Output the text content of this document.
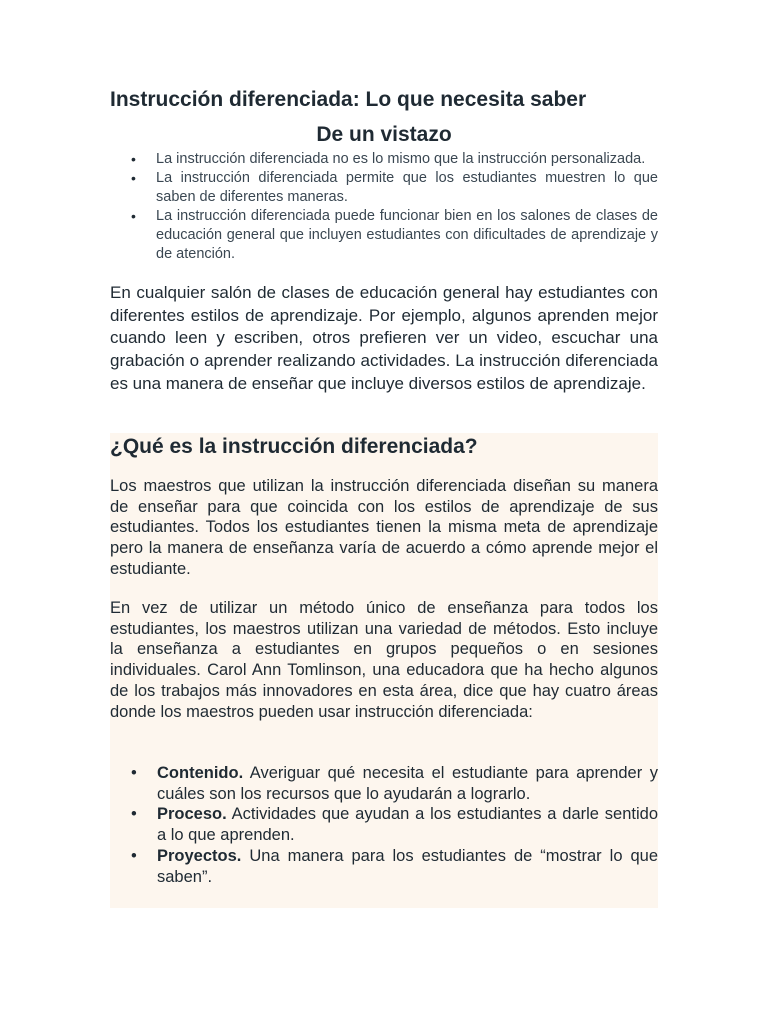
Instrucción diferenciada: Lo que necesita saber
De un vistazo
• La instrucción diferenciada no es lo mismo que la instrucción personalizada.
• La instrucción diferenciada permite que los estudiantes muestren lo que saben de diferentes maneras.
• La instrucción diferenciada puede funcionar bien en los salones de clases de educación general que incluyen estudiantes con dificultades de aprendizaje y de atención.

En cualquier salón de clases de educación general hay estudiantes con diferentes estilos de aprendizaje. Por ejemplo, algunos aprenden mejor cuando leen y escriben, otros prefieren ver un video, escuchar una grabación o aprender realizando actividades. La instrucción diferenciada es una manera de enseñar que incluye diversos estilos de aprendizaje.

¿Qué es la instrucción diferenciada?

Los maestros que utilizan la instrucción diferenciada diseñan su manera de enseñar para que coincida con los estilos de aprendizaje de sus estudiantes. Todos los estudiantes tienen la misma meta de aprendizaje pero la manera de enseñanza varía de acuerdo a cómo aprende mejor el estudiante.

En vez de utilizar un método único de enseñanza para todos los estudiantes, los maestros utilizan una variedad de métodos. Esto incluye la enseñanza a estudiantes en grupos pequeños o en sesiones individuales. Carol Ann Tomlinson, una educadora que ha hecho algunos de los trabajos más innovadores en esta área, dice que hay cuatro áreas donde los maestros pueden usar instrucción diferenciada:

• Contenido. Averiguar qué necesita el estudiante para aprender y cuáles son los recursos que lo ayudarán a lograrlo.
• Proceso. Actividades que ayudan a los estudiantes a darle sentido a lo que aprenden.
• Proyectos. Una manera para los estudiantes de “mostrar lo que saben”.
